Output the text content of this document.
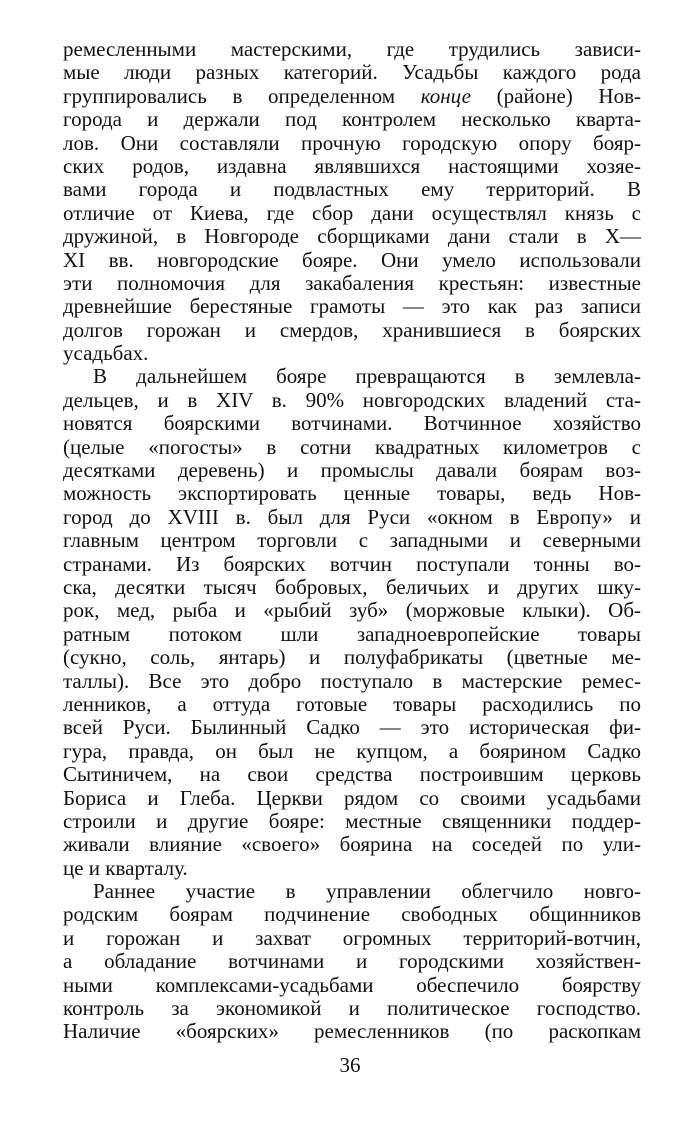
ремесленными мастерскими, где трудились зависи-
мые люди разных категорий. Усадьбы каждого рода
группировались в определенном конце (районе) Нов-
города и держали под контролем несколько кварта-
лов. Они составляли прочную городскую опору бояр-
ских родов, издавна являвшихся настоящими хозяе-
вами города и подвластных ему территорий. В
отличие от Киева, где сбор дани осуществлял князь с
дружиной, в Новгороде сборщиками дани стали в X—
XI вв. новгородские бояре. Они умело использовали
эти полномочия для закабаления крестьян: известные
древнейшие берестяные грамоты — это как раз записи
долгов горожан и смердов, хранившиеся в боярских
усадьбах.
В дальнейшем бояре превращаются в землевла-
дельцев, и в XIV в. 90% новгородских владений ста-
новятся боярскими вотчинами. Вотчинное хозяйство
(целые «погосты» в сотни квадратных километров с
десятками деревень) и промыслы давали боярам воз-
можность экспортировать ценные товары, ведь Нов-
город до XVIII в. был для Руси «окном в Европу» и
главным центром торговли с западными и северными
странами. Из боярских вотчин поступали тонны во-
ска, десятки тысяч бобровых, беличьих и других шку-
рок, мед, рыба и «рыбий зуб» (моржовые клыки). Об-
ратным потоком шли западноевропейские товары
(сукно, соль, янтарь) и полуфабрикаты (цветные ме-
таллы). Все это добро поступало в мастерские ремес-
ленников, а оттуда готовые товары расходились по
всей Руси. Былинный Садко — это историческая фи-
гура, правда, он был не купцом, а боярином Садко
Сытиничем, на свои средства построившим церковь
Бориса и Глеба. Церкви рядом со своими усадьбами
строили и другие бояре: местные священники поддер-
живали влияние «своего» боярина на соседей по ули-
це и кварталу.
Раннее участие в управлении облегчило новго-
родским боярам подчинение свободных общинников
и горожан и захват огромных территорий-вотчин,
а обладание вотчинами и городскими хозяйствен-
ными комплексами-усадьбами обеспечило боярству
контроль за экономикой и политическое господство.
Наличие «боярских» ремесленников (по раскопкам
36
